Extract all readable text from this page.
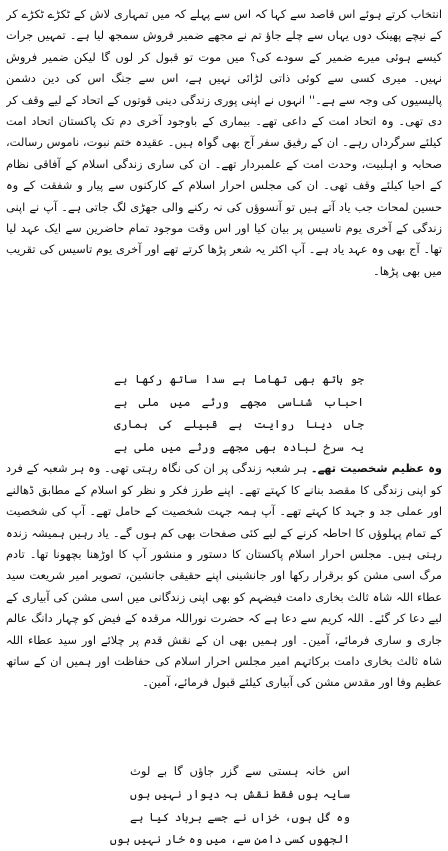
انتخاب کرتے ہوئے اس قاصد سے کہا کہ اس سے پہلے کہ میں تمہاری لاش کے ٹکڑے ٹکڑے کر کے نیچے پھینک دوں یہاں سے چلے جاؤ تم نے مجھے ضمیر فروش سمجھ لیا ہے۔ تمہیں جرات کیسے ہوئی میرے ضمیر کے سودے کی؟ میں موت تو قبول کر لوں گا لیکن ضمیر فروش نہیں۔ میری کسی سے کوئی ذاتی لڑائی نہیں ہے، اس سے جنگ اس کی دین دشمن پالیسیوں کی وجہ سے ہے۔'' انہوں نے اپنی پوری زندگی دینی قوتوں کے اتحاد کے لیے وقف کر دی تھی۔ وہ اتحاد امت کے داعی تھے۔ بیماری کے باوجود آخری دم تک پاکستان اتحاد امت کیلئے سرگرداں رہے۔ ان کے رفیق سفر آج بھی گواہ ہیں۔ عقیدہ ختم نبوت، ناموس رسالت، صحابہ و اہلبیت، وحدت امت کے علمبردار تھے۔ ان کی ساری زندگی اسلام کے آفاقی نظام کے احیا کیلئے وقف تھی۔ ان کی مجلس احرار اسلام کے کارکنوں سے پیار و شفقت کے وہ حسین لمحات جب یاد آتے ہیں تو آنسوؤں کی نہ رکنے والی جھڑی لگ جاتی ہے۔ آپ نے اپنی زندگی کے آخری یوم تاسیس پر بیان کیا اور اس وقت موجود تمام حاضرین سے ایک عہد لیا تھا۔ آج بھی وہ عہد یاد ہے۔ آپ اکثر یہ شعر پڑھا کرتے تھے اور آخری یوم تاسیس کی تقریب میں بھی پڑھا۔

جو ہاتھ بھی تھاما ہے سدا ساتھ رکھا ہے
احباب شناسی مجھے ورثے میں ملی ہے
جاں دینا روایت ہے قبیلے کی ہماری
یہ سرخ لبادہ بھی مجھے ورثے میں ملی ہے

وہ عظیم شخصیت تھے۔ ہر شعبہ زندگی پر ان کی نگاہ رہتی تھی۔ وہ ہر شعبہ کے فرد کو اپنی زندگی کا مقصد بنانے کا کہتے تھے۔ اپنے طرز فکر و نظر کو اسلام کے مطابق ڈھالنے اور عملی جد و جہد کا کہتے تھے۔ آپ ہمہ جہت شخصیت کے حامل تھے۔ آپ کی شخصیت کے تمام پہلوؤں کا احاطہ کرنے کے لیے کئی صفحات بھی کم ہوں گے۔ یاد رہیں ہمیشہ زندہ رہتی ہیں۔ مجلس احرار اسلام پاکستان کا دستور و منشور آپ کا اوڑھنا بچھونا تھا۔ تادم مرگ اسی مشن کو برقرار رکھا اور جانشینی اپنے حقیقی جانشین، تصویر امیر شریعت سید عطاء اللہ شاہ ثالث بخاری دامت فیضہم کو بھی اپنی زندگانی میں اسی مشن کی آبیاری کے لیے دعا کر گئے۔ اللہ کریم سے دعا ہے کہ حضرت نوراللہ مرقدہ کے فیض کو چہار دانگ عالم جاری و ساری فرمائے، آمین۔ اور ہمیں بھی ان کے نقش قدم پر چلائے اور سید عطاء اللہ شاہ ثالث بخاری دامت برکاتہم امیر مجلس احرار اسلام کی حفاظت اور ہمیں ان کے ساتھ عظیم وفا اور مقدس مشن کی آبیاری کیلئے قبول فرمائے، آمین۔

اس خانہ ہستی سے گزر جاؤں گا بے لوث
سایہ ہوں فقط نقش بہ دیوار نہیں ہوں
وہ گل ہوں، خزاں نے جسے برباد کیا ہے
الجھوں کسی دامن سے، میں وہ خار نہیں ہوں
